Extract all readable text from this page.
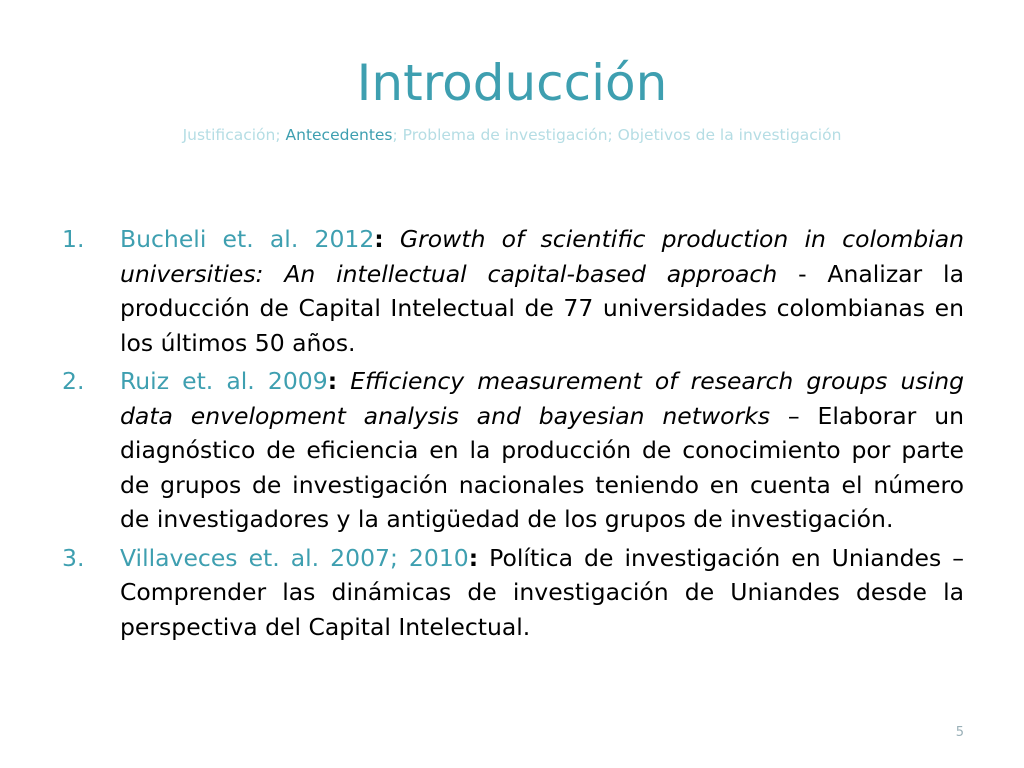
Introducción
Justificación; Antecedentes; Problema de investigación; Objetivos de la investigación
1. Bucheli et. al. 2012: Growth of scientific production in colombian universities: An intellectual capital-based approach - Analizar la producción de Capital Intelectual de 77 universidades colombianas en los últimos 50 años.
2. Ruiz et. al. 2009: Efficiency measurement of research groups using data envelopment analysis and bayesian networks – Elaborar un diagnóstico de eficiencia en la producción de conocimiento por parte de grupos de investigación nacionales teniendo en cuenta el número de investigadores y la antigüedad de los grupos de investigación.
3. Villaveces et. al. 2007; 2010: Política de investigación en Uniandes – Comprender las dinámicas de investigación de Uniandes desde la perspectiva del Capital Intelectual.
5
